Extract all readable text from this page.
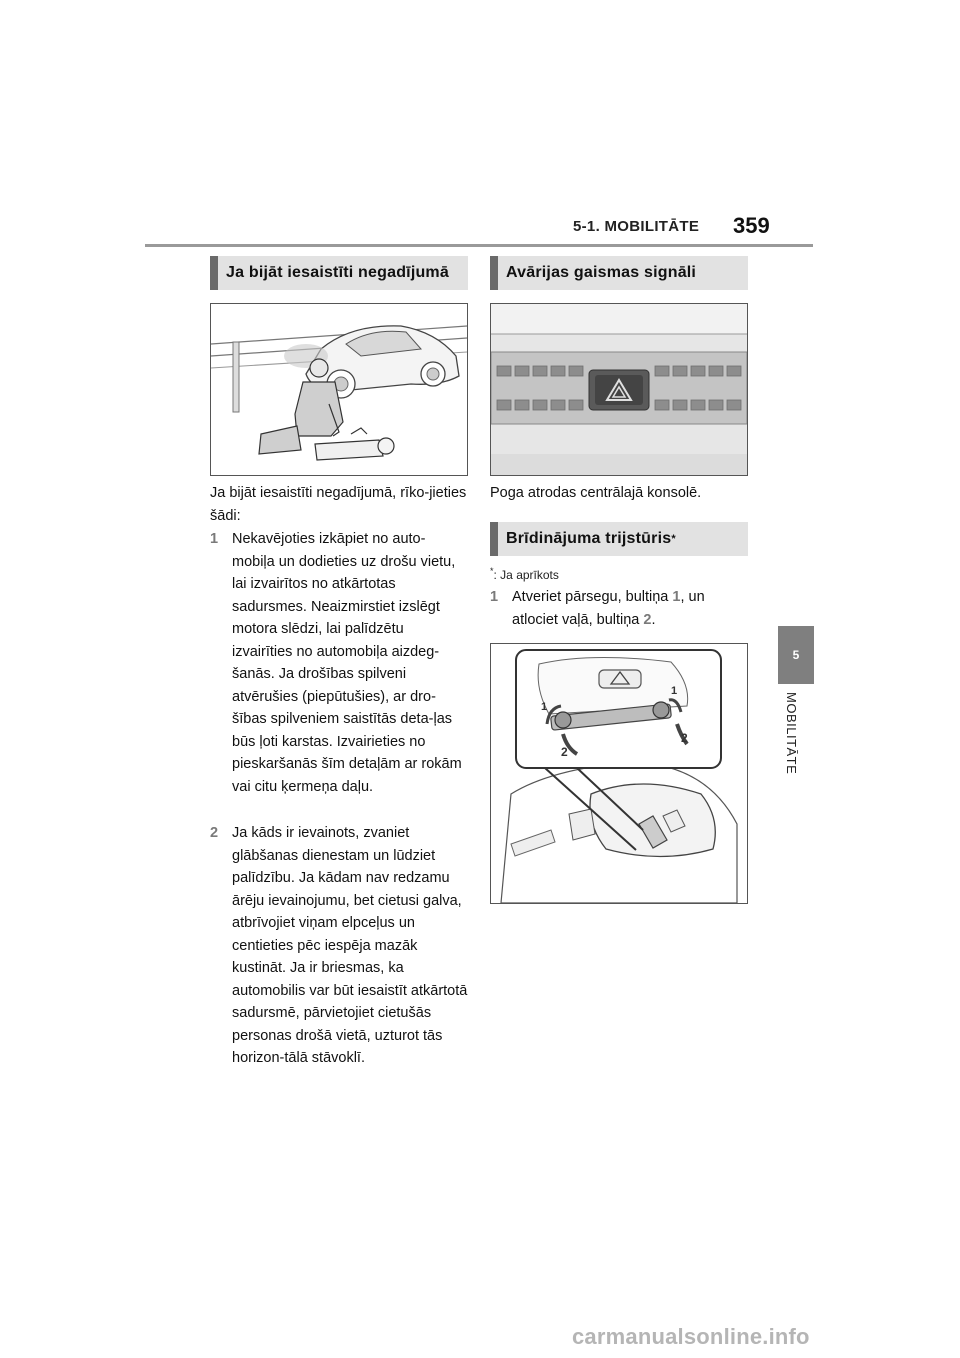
5-1. MOBILITĀTE 359
5
MOBILITĀTE
Ja bijāt iesaistīti negadījumā
Ja bijāt iesaistīti negadījumā, rīko-jieties šādi:
1 Nekavējoties izkāpiet no auto-mobiļa un dodieties uz drošu vietu, lai izvairītos no atkārtotas sadursmes. Neaizmirstiet izslēgt motora slēdzi, lai palīdzētu izvairīties no automobiļa aizdeg-šanās. Ja drošības spilveni atvērušies (piepūtušies), ar dro-šības spilveniem saistītās deta-ļas būs ļoti karstas. Izvairieties no pieskaršanās šīm detaļām ar rokām vai citu ķermeņa daļu.
2 Ja kāds ir ievainots, zvaniet glābšanas dienestam un lūdziet palīdzību. Ja kādam nav redzamu ārēju ievainojumu, bet cietusi galva, atbrīvojiet viņam elpceļus un centieties pēc iespēja mazāk kustināt. Ja ir briesmas, ka automobilis var būt iesaistīt atkārtotā sadursmē, pārvietojiet cietušās personas drošā vietā, uzturot tās horizon-tālā stāvoklī.
Avārijas gaismas signāli
Poga atrodas centrālajā konsolē.
Brīdinājuma trijstūris *
*: Ja aprīkots
1 Atveriet pārsegu, bultiņa 1, un atlociet vaļā, bultiņa 2.
1
1
2
2
carmanualsonline.info
